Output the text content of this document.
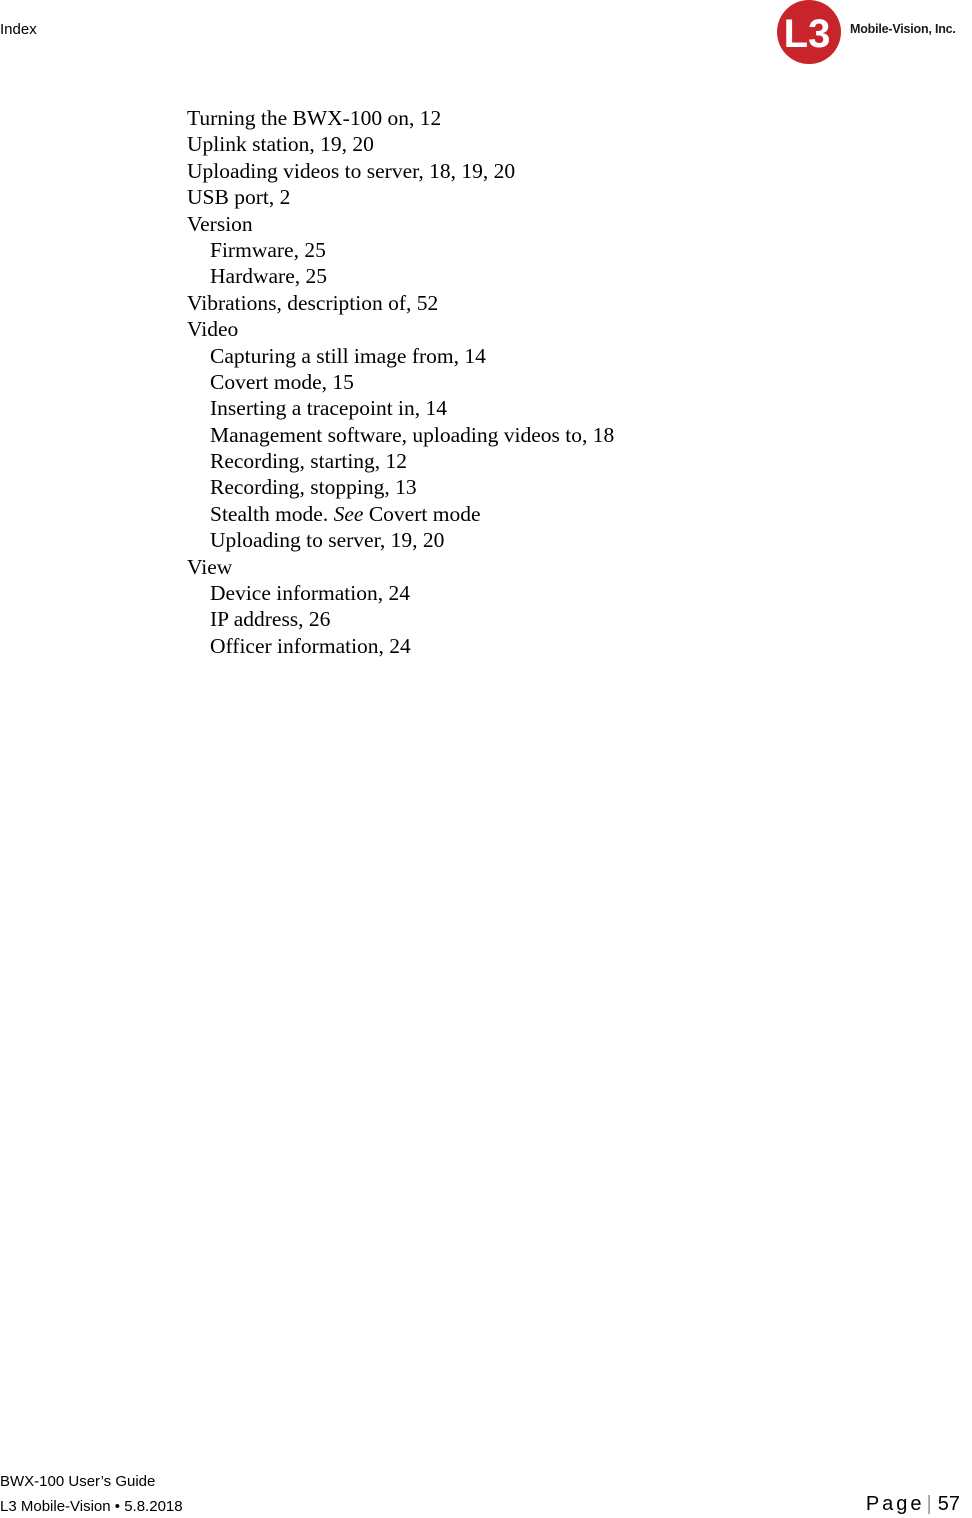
Index	L3 Mobile-Vision, Inc.
Turning the BWX-100 on, 12
Uplink station, 19, 20
Uploading videos to server, 18, 19, 20
USB port, 2
Version
Firmware, 25
Hardware, 25
Vibrations, description of, 52
Video
Capturing a still image from, 14
Covert mode, 15
Inserting a tracepoint in, 14
Management software, uploading videos to, 18
Recording, starting, 12
Recording, stopping, 13
Stealth mode. See Covert mode
Uploading to server, 19, 20
View
Device information, 24
IP address, 26
Officer information, 24
BWX-100 User’s Guide
L3 Mobile-Vision • 5.8.2018	Page | 57
